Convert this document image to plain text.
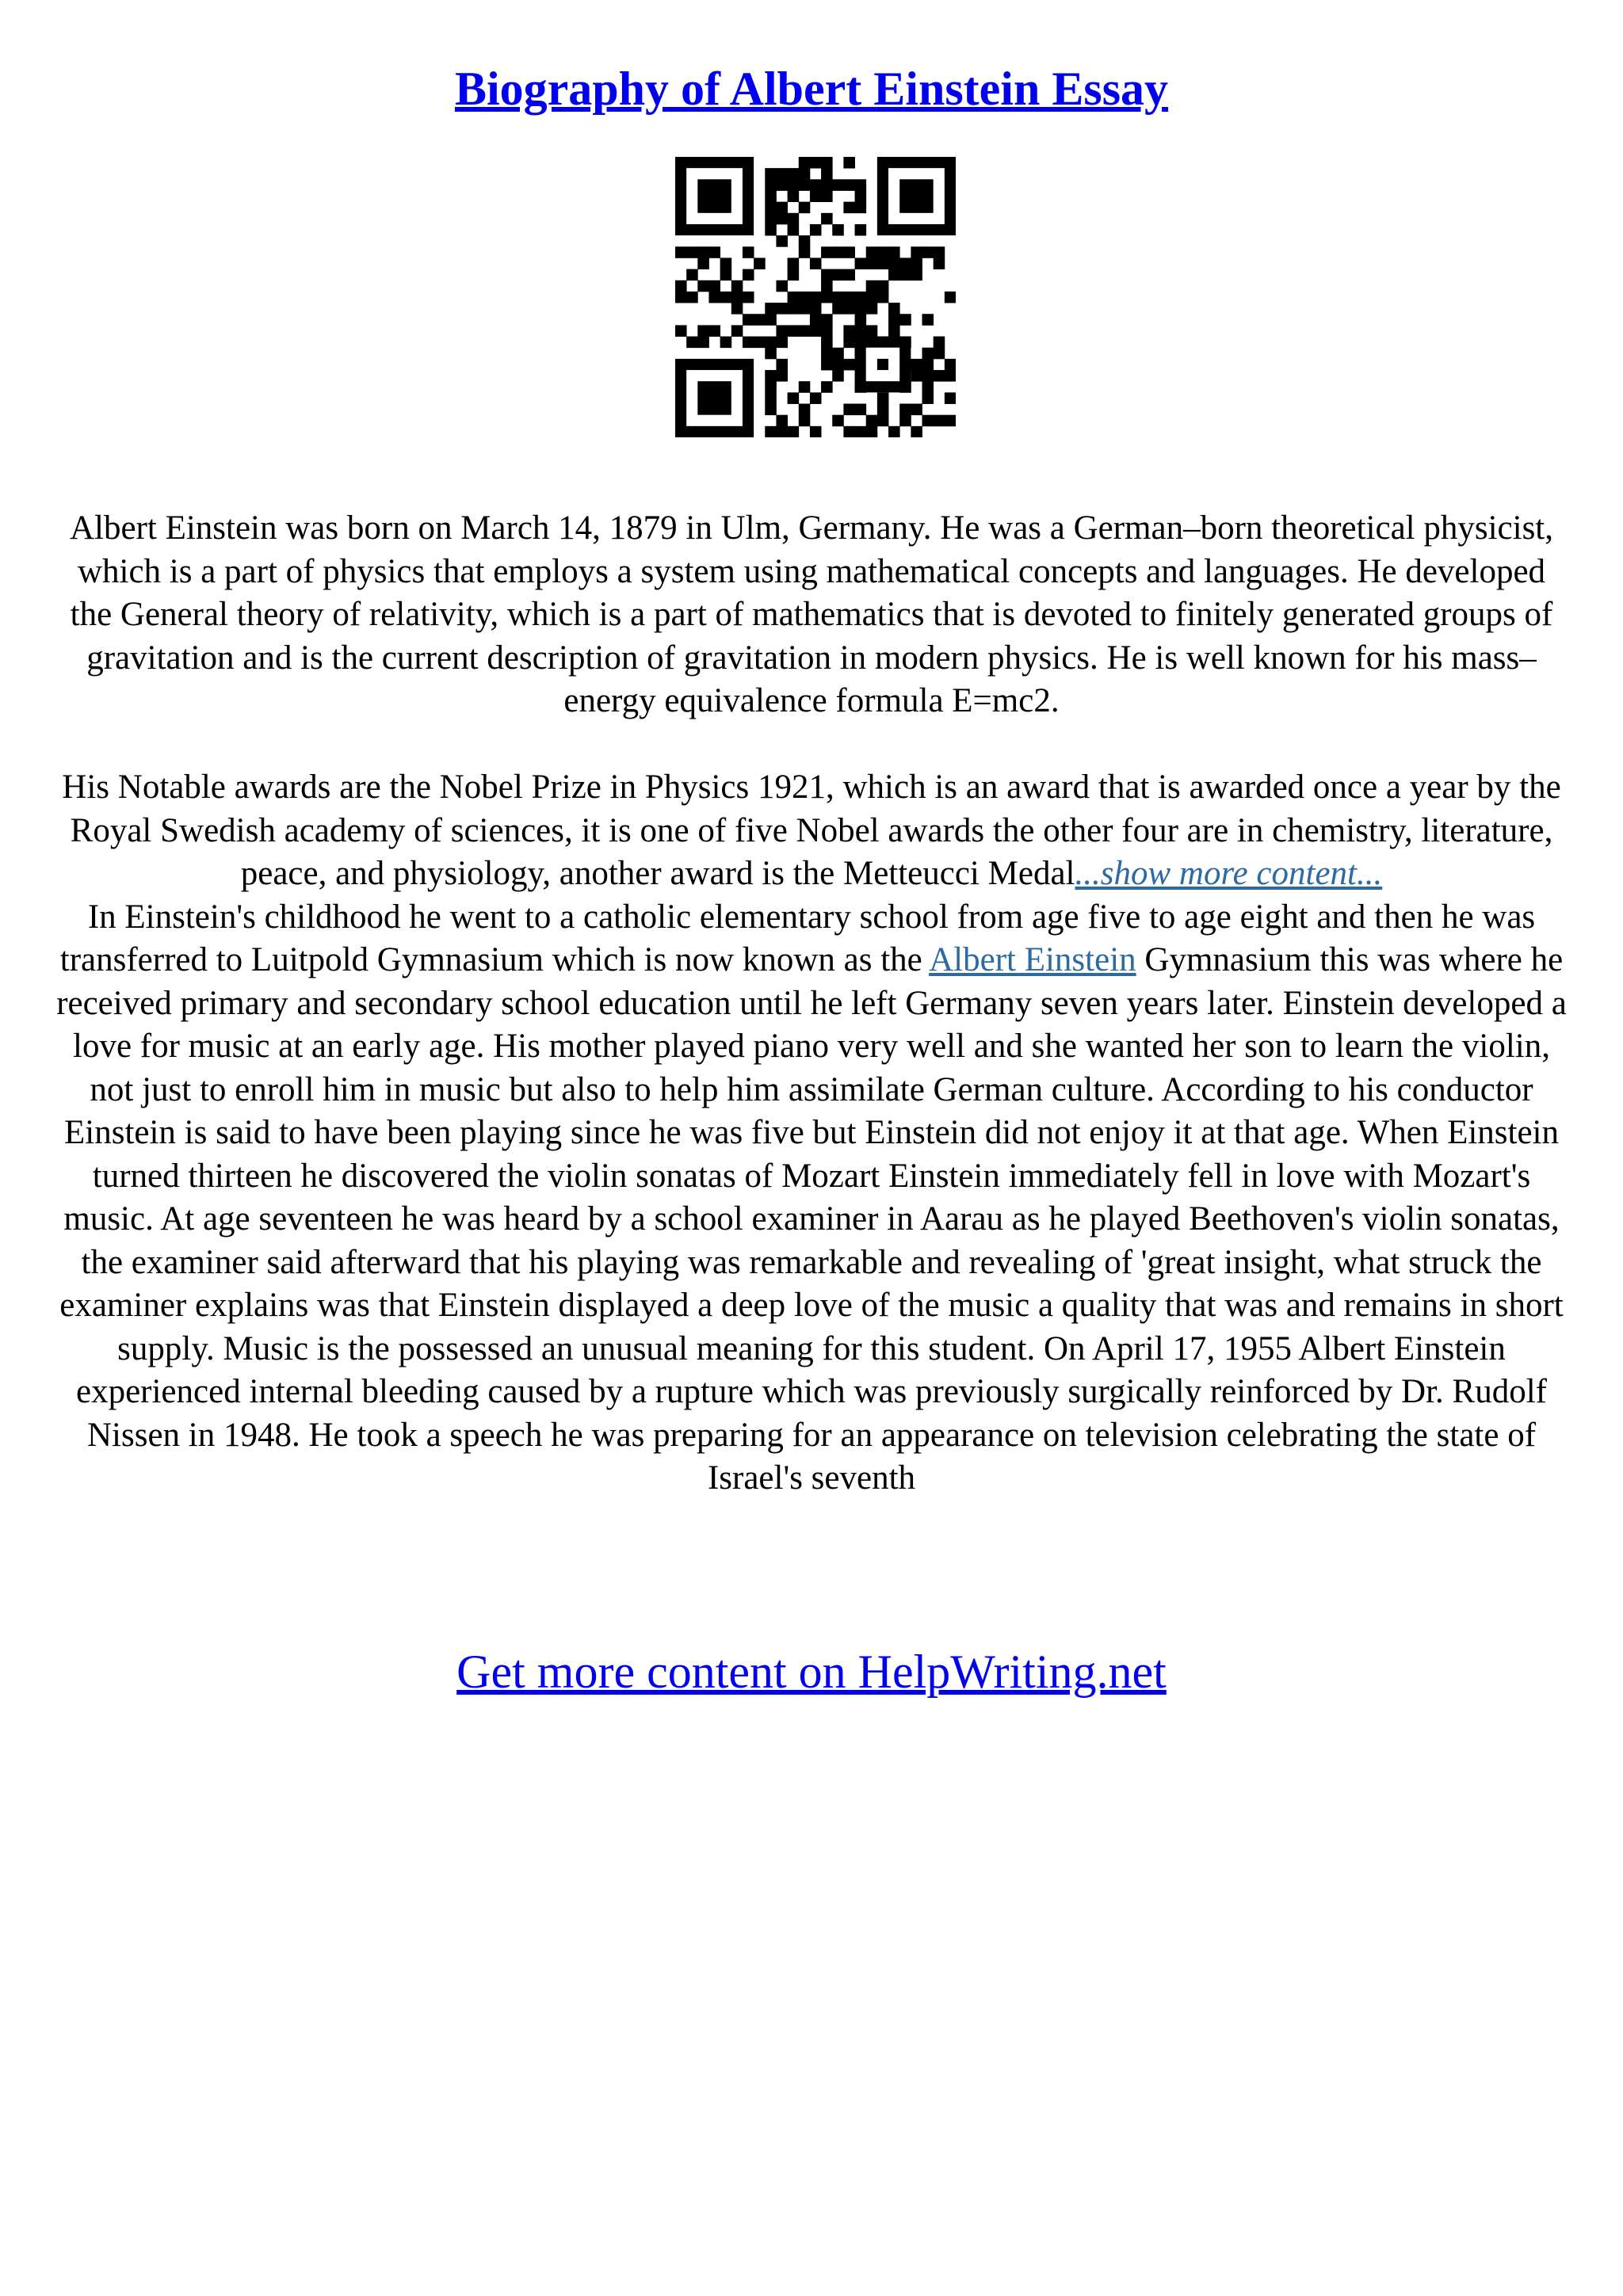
Biography of Albert Einstein Essay

Albert Einstein was born on March 14, 1879 in Ulm, Germany. He was a German–born theoretical physicist, which is a part of physics that employs a system using mathematical concepts and languages. He developed the General theory of relativity, which is a part of mathematics that is devoted to finitely generated groups of gravitation and is the current description of gravitation in modern physics. He is well known for his mass–energy equivalence formula E=mc2.

His Notable awards are the Nobel Prize in Physics 1921, which is an award that is awarded once a year by the Royal Swedish academy of sciences, it is one of five Nobel awards the other four are in chemistry, literature, peace, and physiology, another award is the Metteucci Medal...show more content...

In Einstein's childhood he went to a catholic elementary school from age five to age eight and then he was transferred to Luitpold Gymnasium which is now known as the Albert Einstein Gymnasium this was where he received primary and secondary school education until he left Germany seven years later. Einstein developed a love for music at an early age. His mother played piano very well and she wanted her son to learn the violin, not just to enroll him in music but also to help him assimilate German culture. According to his conductor Einstein is said to have been playing since he was five but Einstein did not enjoy it at that age. When Einstein turned thirteen he discovered the violin sonatas of Mozart Einstein immediately fell in love with Mozart's music. At age seventeen he was heard by a school examiner in Aarau as he played Beethoven's violin sonatas, the examiner said afterward that his playing was remarkable and revealing of 'great insight, what struck the examiner explains was that Einstein displayed a deep love of the music a quality that was and remains in short supply. Music is the possessed an unusual meaning for this student. On April 17, 1955 Albert Einstein experienced internal bleeding caused by a rupture which was previously surgically reinforced by Dr. Rudolf Nissen in 1948. He took a speech he was preparing for an appearance on television celebrating the state of Israel's seventh

Get more content on HelpWriting.net
